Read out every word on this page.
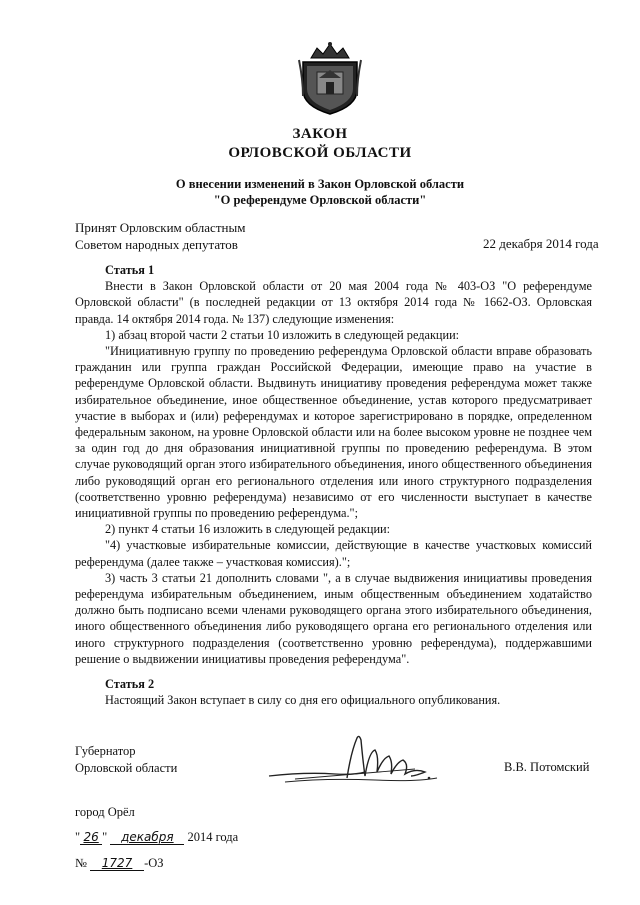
ЗАКОН
ОРЛОВСКОЙ ОБЛАСТИ
О внесении изменений в Закон Орловской области
"О референдуме Орловской области"
Принят Орловским областным
Советом народных депутатов	22 декабря 2014 года

Статья 1

Внести в Закон Орловской области от 20 мая 2004 года № 403-ОЗ "О референдуме Орловской области" (в последней редакции от 13 октября 2014 года № 1662-ОЗ. Орловская правда. 14 октября 2014 года. № 137) следующие изменения:

1) абзац второй части 2 статьи 10 изложить в следующей редакции:

"Инициативную группу по проведению референдума Орловской области вправе образовать гражданин или группа граждан Российской Федерации, имеющие право на участие в референдуме Орловской области. Выдвинуть инициативу проведения референдума может также избирательное объединение, иное общественное объединение, устав которого предусматривает участие в выборах и (или) референдумах и которое зарегистрировано в порядке, определенном федеральным законом, на уровне Орловской области или на более высоком уровне не позднее чем за один год до дня образования инициативной группы по проведению референдума. В этом случае руководящий орган этого избирательного объединения, иного общественного объединения либо руководящий орган его регионального отделения или иного структурного подразделения (соответственно уровню референдума) независимо от его численности выступает в качестве инициативной группы по проведению референдума.";

2) пункт 4 статьи 16 изложить в следующей редакции:

"4) участковые избирательные комиссии, действующие в качестве участковых комиссий референдума (далее также – участковая комиссия).";

3) часть 3 статьи 21 дополнить словами ", а в случае выдвижения инициативы проведения референдума избирательным объединением, иным общественным объединением ходатайство должно быть подписано всеми членами руководящего органа этого избирательного объединения, иного общественного объединения либо руководящего органа его регионального отделения или иного структурного подразделения (соответственно уровню референдума), поддержавшими решение о выдвижении инициативы проведения референдума".

Статья 2

Настоящий Закон вступает в силу со дня его официального опубликования.

Губернатор
Орловской области	В.В. Потомский
город Орёл
" 26 " декабря 2014 года
№ 1727 -ОЗ
